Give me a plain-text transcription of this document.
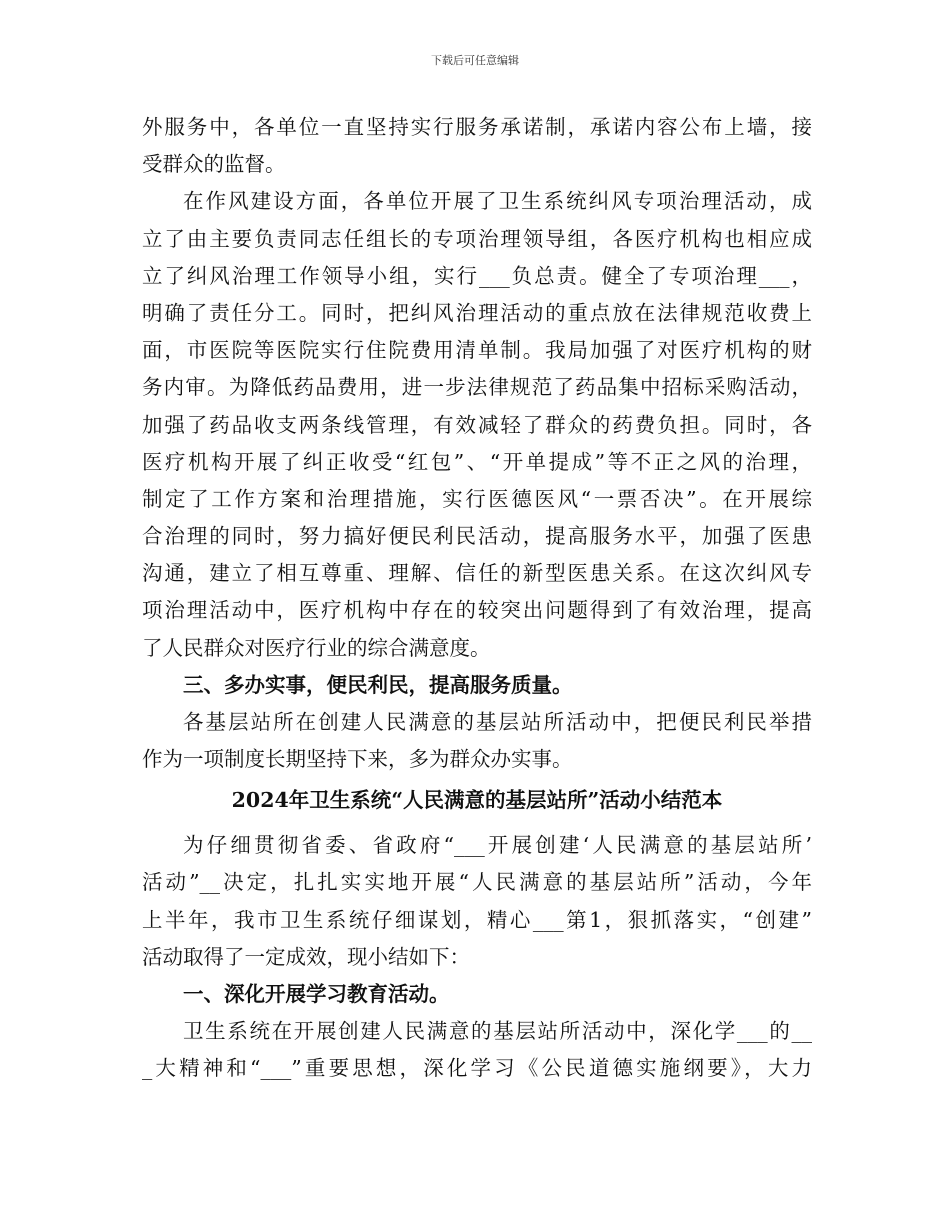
下载后可任意编辑
外服务中，各单位一直坚持实行服务承诺制，承诺内容公布上墙，接
受群众的监督。
在作风建设方面，各单位开展了卫生系统纠风专项治理活动，成
立了由主要负责同志任组长的专项治理领导组，各医疗机构也相应成
立了纠风治理工作领导小组，实行___负总责。健全了专项治理___，
明确了责任分工。同时，把纠风治理活动的重点放在法律规范收费上
面，市医院等医院实行住院费用清单制。我局加强了对医疗机构的财
务内审。为降低药品费用，进一步法律规范了药品集中招标采购活动，
加强了药品收支两条线管理，有效减轻了群众的药费负担。同时，各
医疗机构开展了纠正收受“红包”、“开单提成”等不正之风的治理，
制定了工作方案和治理措施，实行医德医风“一票否决”。在开展综
合治理的同时，努力搞好便民利民活动，提高服务水平，加强了医患
沟通，建立了相互尊重、理解、信任的新型医患关系。在这次纠风专
项治理活动中，医疗机构中存在的较突出问题得到了有效治理，提高
了人民群众对医疗行业的综合满意度。
三、多办实事，便民利民，提高服务质量。
各基层站所在创建人民满意的基层站所活动中，把便民利民举措
作为一项制度长期坚持下来，多为群众办实事。
2024年卫生系统“人民满意的基层站所”活动小结范本
为仔细贯彻省委、省政府“___开展创建‘人民满意的基层站所’
活动”__决定，扎扎实实地开展“人民满意的基层站所”活动，今年
上半年，我市卫生系统仔细谋划，精心___第1，狠抓落实，“创建”
活动取得了一定成效，现小结如下：
一、深化开展学习教育活动。
卫生系统在开展创建人民满意的基层站所活动中，深化学___的__
_大精神和“___”重要思想，深化学习《公民道德实施纲要》，大力
